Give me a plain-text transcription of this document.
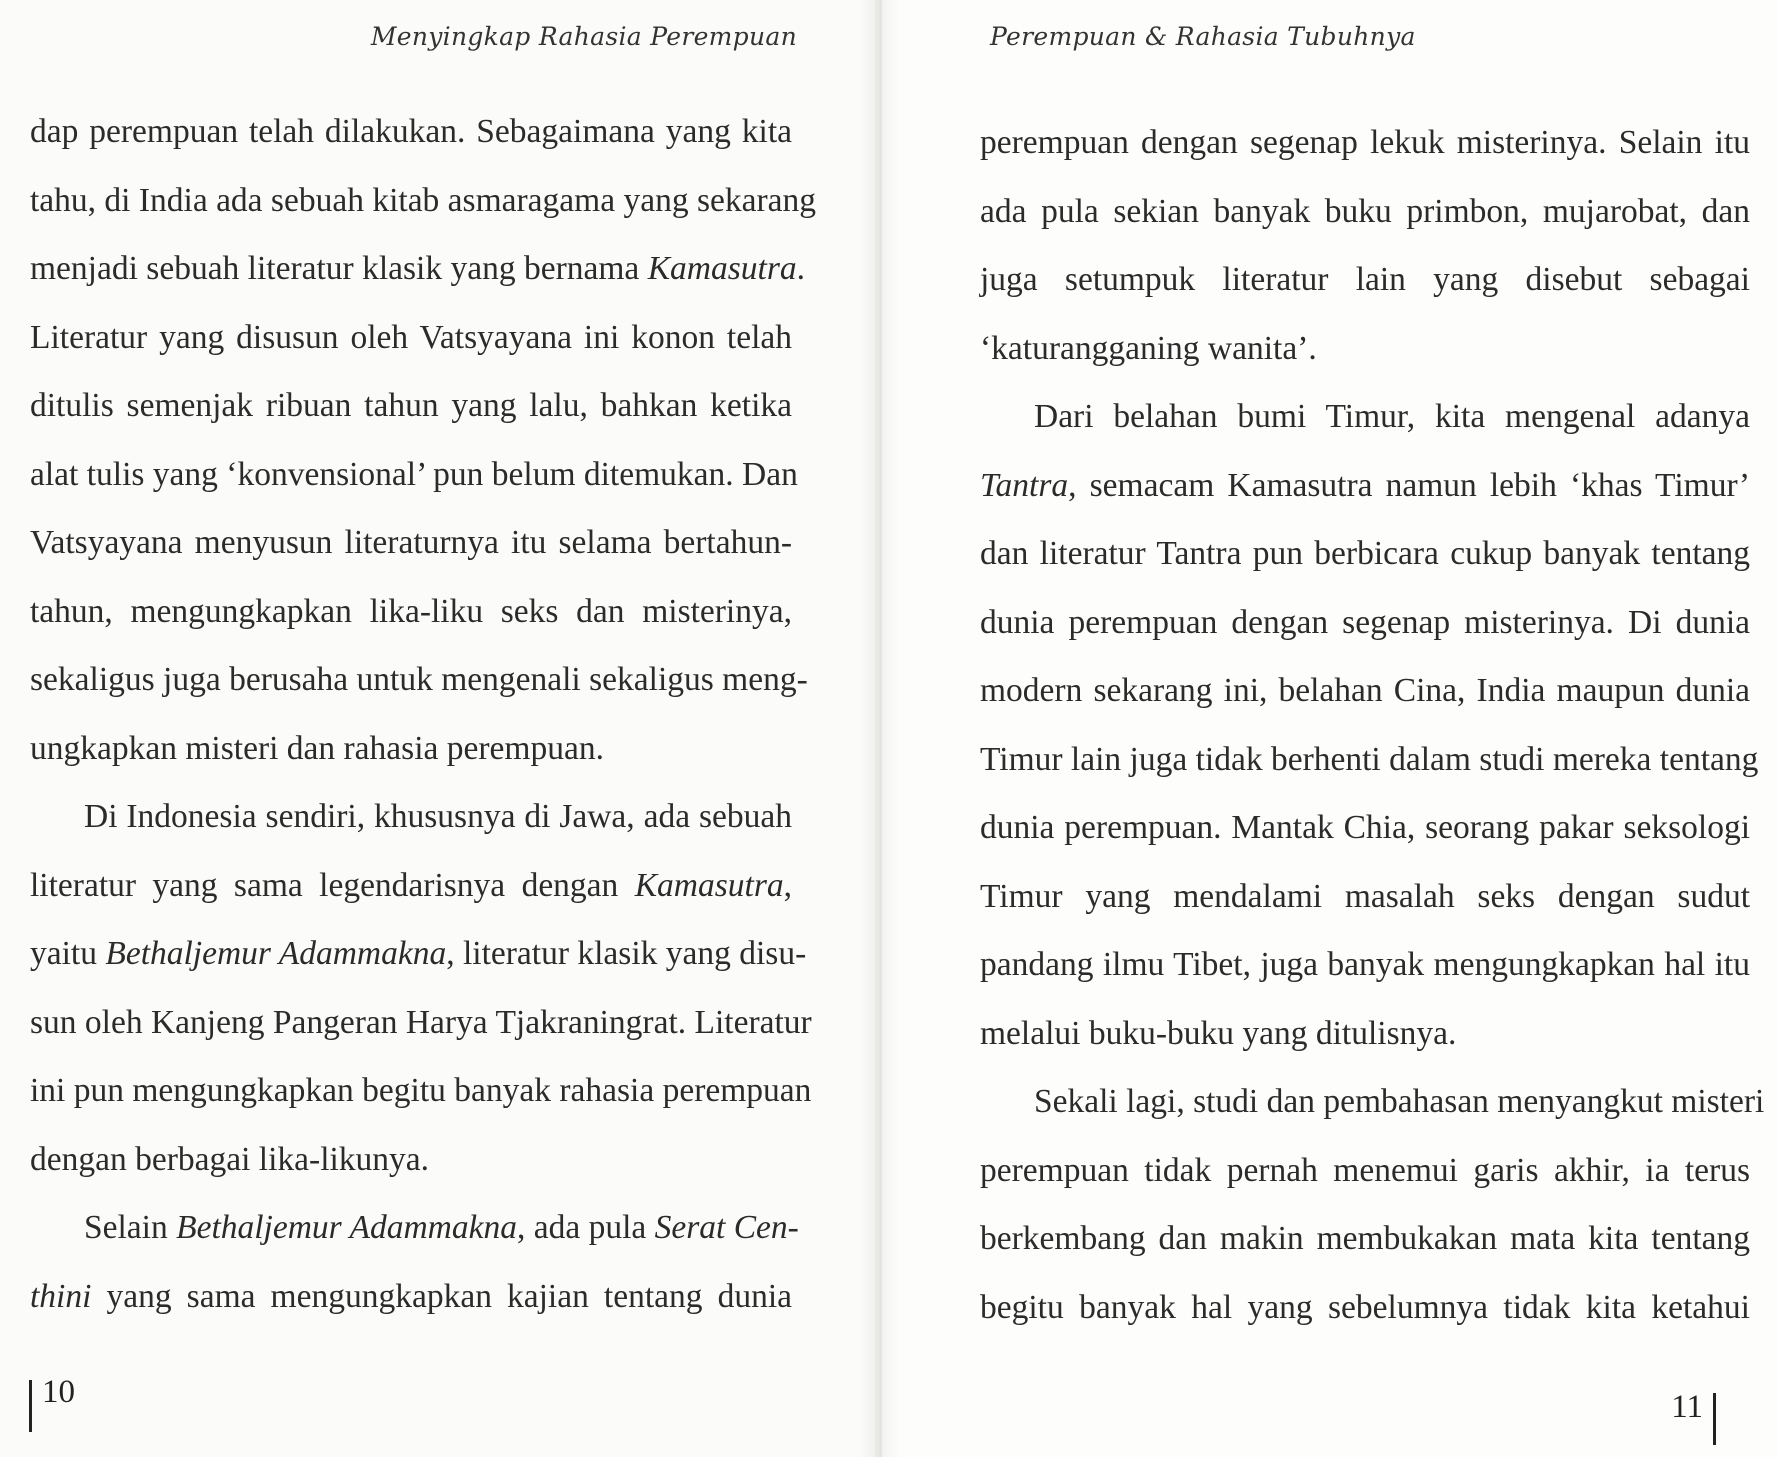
Menyingkap Rahasia Perempuan
dap perempuan telah dilakukan. Sebagaimana yang kita
tahu, di India ada sebuah kitab asmaragama yang sekarang
menjadi sebuah literatur klasik yang bernama Kamasutra.
Literatur yang disusun oleh Vatsyayana ini konon telah
ditulis semenjak ribuan tahun yang lalu, bahkan ketika
alat tulis yang ‘konvensional’ pun belum ditemukan. Dan
Vatsyayana menyusun literaturnya itu selama bertahun-
tahun, mengungkapkan lika-liku seks dan misterinya,
sekaligus juga berusaha untuk mengenali sekaligus meng-
ungkapkan misteri dan rahasia perempuan.
Di Indonesia sendiri, khususnya di Jawa, ada sebuah
literatur yang sama legendarisnya dengan Kamasutra,
yaitu Bethaljemur Adammakna, literatur klasik yang disu-
sun oleh Kanjeng Pangeran Harya Tjakraningrat. Literatur
ini pun mengungkapkan begitu banyak rahasia perempuan
dengan berbagai lika-likunya.
Selain Bethaljemur Adammakna, ada pula Serat Cen-
thini yang sama mengungkapkan kajian tentang dunia
10
Perempuan & Rahasia Tubuhnya
perempuan dengan segenap lekuk misterinya. Selain itu
ada pula sekian banyak buku primbon, mujarobat, dan
juga setumpuk literatur lain yang disebut sebagai
‘katurangganing wanita’.
Dari belahan bumi Timur, kita mengenal adanya
Tantra, semacam Kamasutra namun lebih ‘khas Timur’
dan literatur Tantra pun berbicara cukup banyak tentang
dunia perempuan dengan segenap misterinya. Di dunia
modern sekarang ini, belahan Cina, India maupun dunia
Timur lain juga tidak berhenti dalam studi mereka tentang
dunia perempuan. Mantak Chia, seorang pakar seksologi
Timur yang mendalami masalah seks dengan sudut
pandang ilmu Tibet, juga banyak mengungkapkan hal itu
melalui buku-buku yang ditulisnya.
Sekali lagi, studi dan pembahasan menyangkut misteri
perempuan tidak pernah menemui garis akhir, ia terus
berkembang dan makin membukakan mata kita tentang
begitu banyak hal yang sebelumnya tidak kita ketahui
11
